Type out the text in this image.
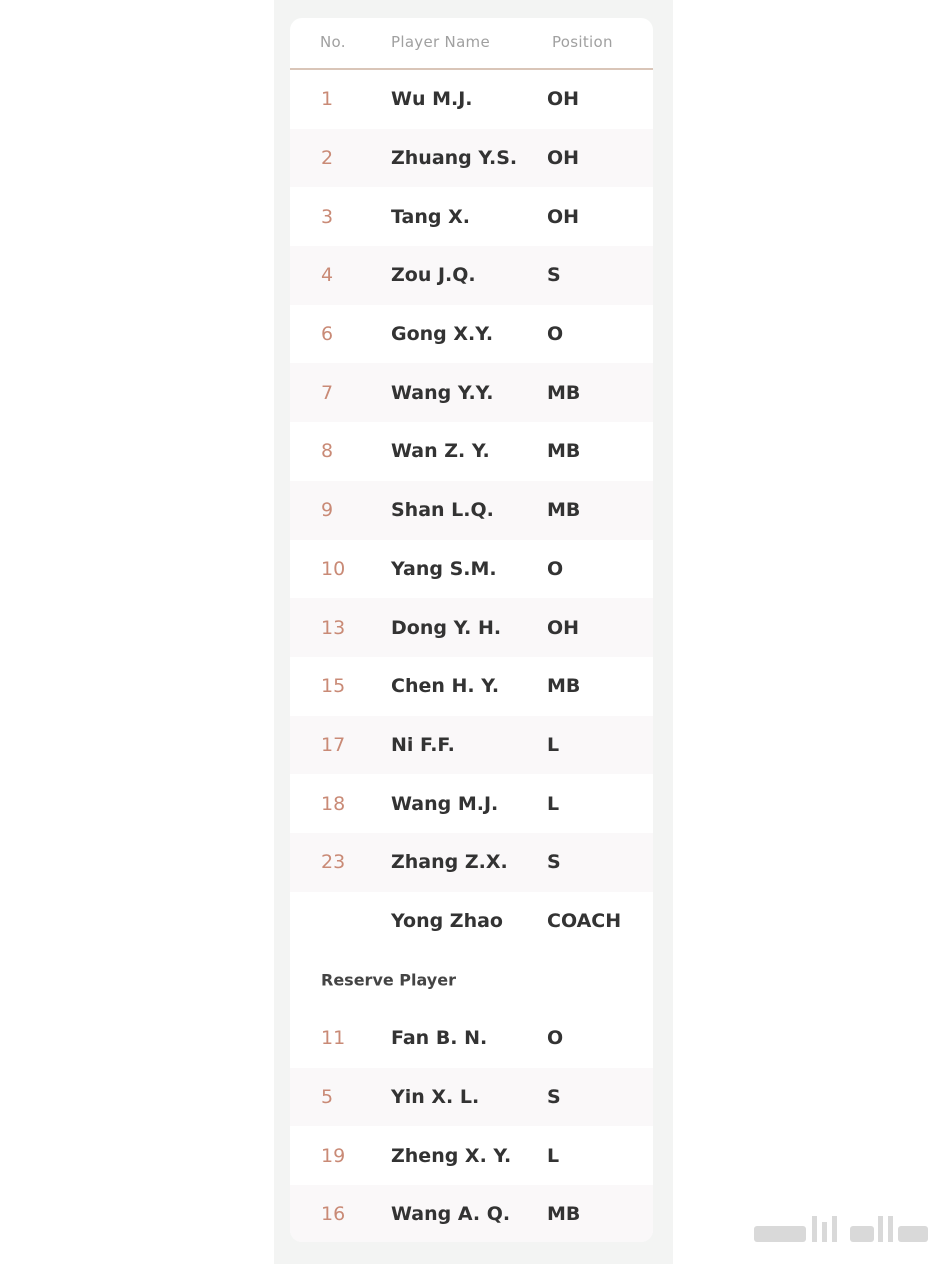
No.	Player Name	Position
1	Wu M.J.	OH
2	Zhuang Y.S. OH
3	Tang X.	OH
4	Zou J.Q.	S
6	Gong X.Y.	O
7	Wang Y.Y.	MB
8	Wan Z. Y.	MB
9	Shan L.Q.	MB
10 Yang S.M.	O
13 Dong Y. H. OH
15 Chen H. Y.	MB
17 Ni F.F.	L
18 Wang M.J.	L
23 Zhang Z.X. S
Yong Zhao COACH
Reserve Player
11 Fan B. N.	O
5	Yin X. L.	S
19 Zheng X. Y. L
16 Wang A. Q. MB
